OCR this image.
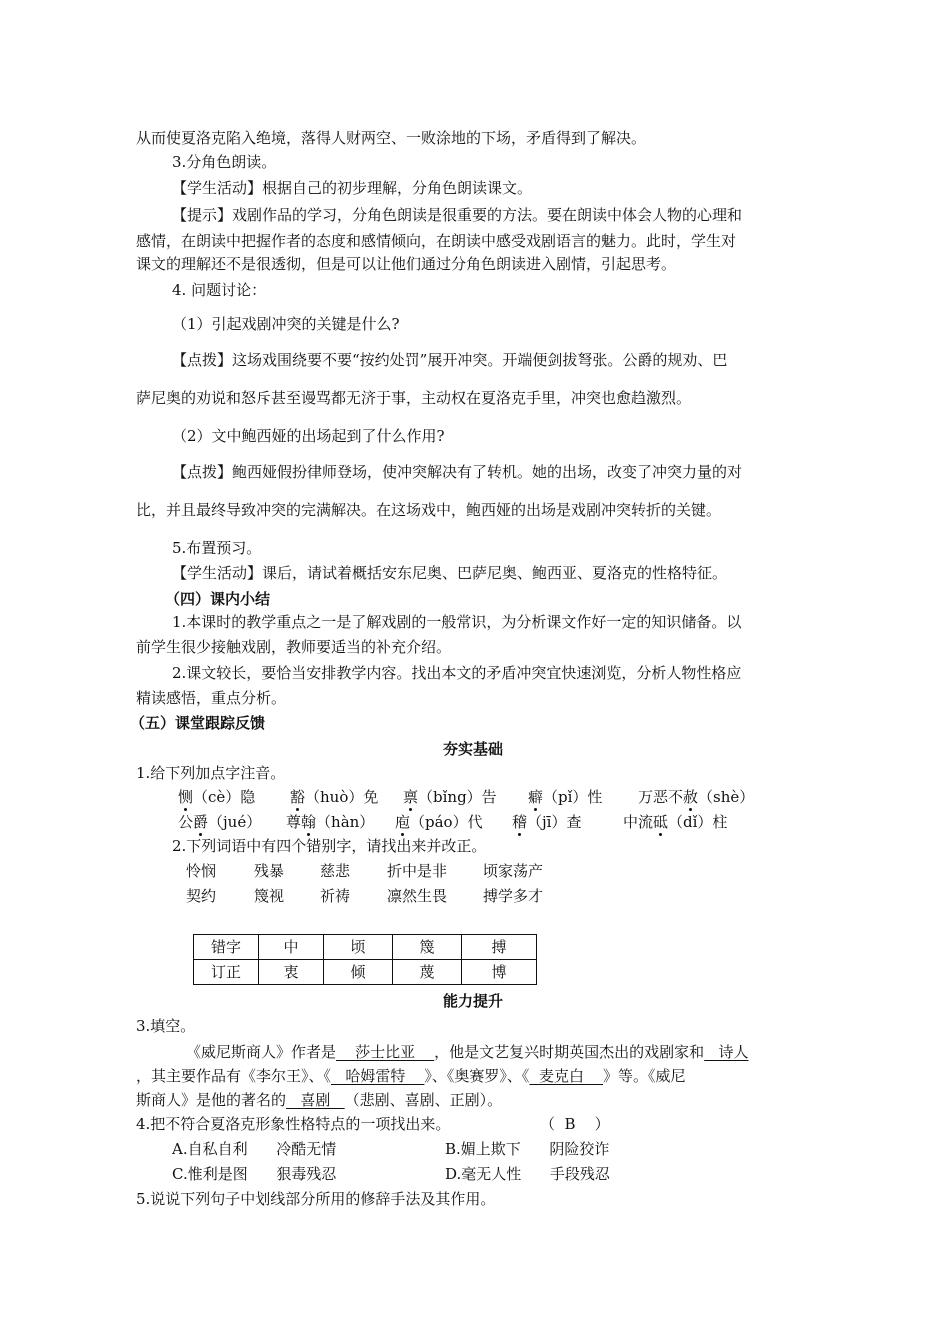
从而使夏洛克陷入绝境，落得人财两空、一败涂地的下场，矛盾得到了解决。
3.分角色朗读。
【学生活动】根据自己的初步理解，分角色朗读课文。
【提示】戏剧作品的学习，分角色朗读是很重要的方法。要在朗读中体会人物的心理和
感情，在朗读中把握作者的态度和感情倾向，在朗读中感受戏剧语言的魅力。此时，学生对
课文的理解还不是很透彻，但是可以让他们通过分角色朗读进入剧情，引起思考。
4. 问题讨论：
（1）引起戏剧冲突的关键是什么?
【点拨】这场戏围绕要不要“按约处罚”展开冲突。开端便剑拔弩张。公爵的规劝、巴
萨尼奥的劝说和怒斥甚至谩骂都无济于事，主动权在夏洛克手里，冲突也愈趋激烈。
（2）文中鲍西娅的出场起到了什么作用?
【点拨】鲍西娅假扮律师登场，使冲突解决有了转机。她的出场，改变了冲突力量的对
比，并且最终导致冲突的完满解决。在这场戏中，鲍西娅的出场是戏剧冲突转折的关键。
5.布置预习。
【学生活动】课后，请试着概括安东尼奥、巴萨尼奥、鲍西亚、夏洛克的性格特征。
（四）课内小结
1.本课时的教学重点之一是了解戏剧的一般常识，为分析课文作好一定的知识储备。以
前学生很少接触戏剧，教师要适当的补充介绍。
2.课文较长，要恰当安排教学内容。找出本文的矛盾冲突宜快速浏览，分析人物性格应
精读感悟，重点分析。
（五）课堂跟踪反馈
夯实基础
1.给下列加点字注音。
恻（cè）隐 豁（huò）免 禀（bǐng）告 癖（pǐ）性 万恶不赦（shè）
公爵（jué） 尊翰（hàn） 庖（páo）代 稽（jī）查	中流砥（dǐ）柱
2.下列词语中有四个错别字，请找出来并改正。
怜悯	残暴 慈悲 折中是非 顷家荡产
契约	篾视 祈祷 凛然生畏 搏学多才
错字	中	顷	篾	搏
订正	衷	倾	蔑	博
能力提升
3.填空。
《威尼斯商人》作者是    莎士比亚    ，他是文艺复兴时期英国杰出的戏剧家和   诗人
，其主要作品有《李尔王》、《   哈姆雷特    》、《奥赛罗》、《  麦克白    》等。《威尼
斯商人》是他的著名的   喜剧   （悲剧、喜剧、正剧）。
4.把不符合夏洛克形象性格特点的一项找出来。	（  B    ）
A.自私自利      冷酷无情	B.媚上欺下      阴险狡诈
C.惟利是图      狠毒残忍	D.毫无人性      手段残忍
5.说说下列句子中划线部分所用的修辞手法及其作用。
